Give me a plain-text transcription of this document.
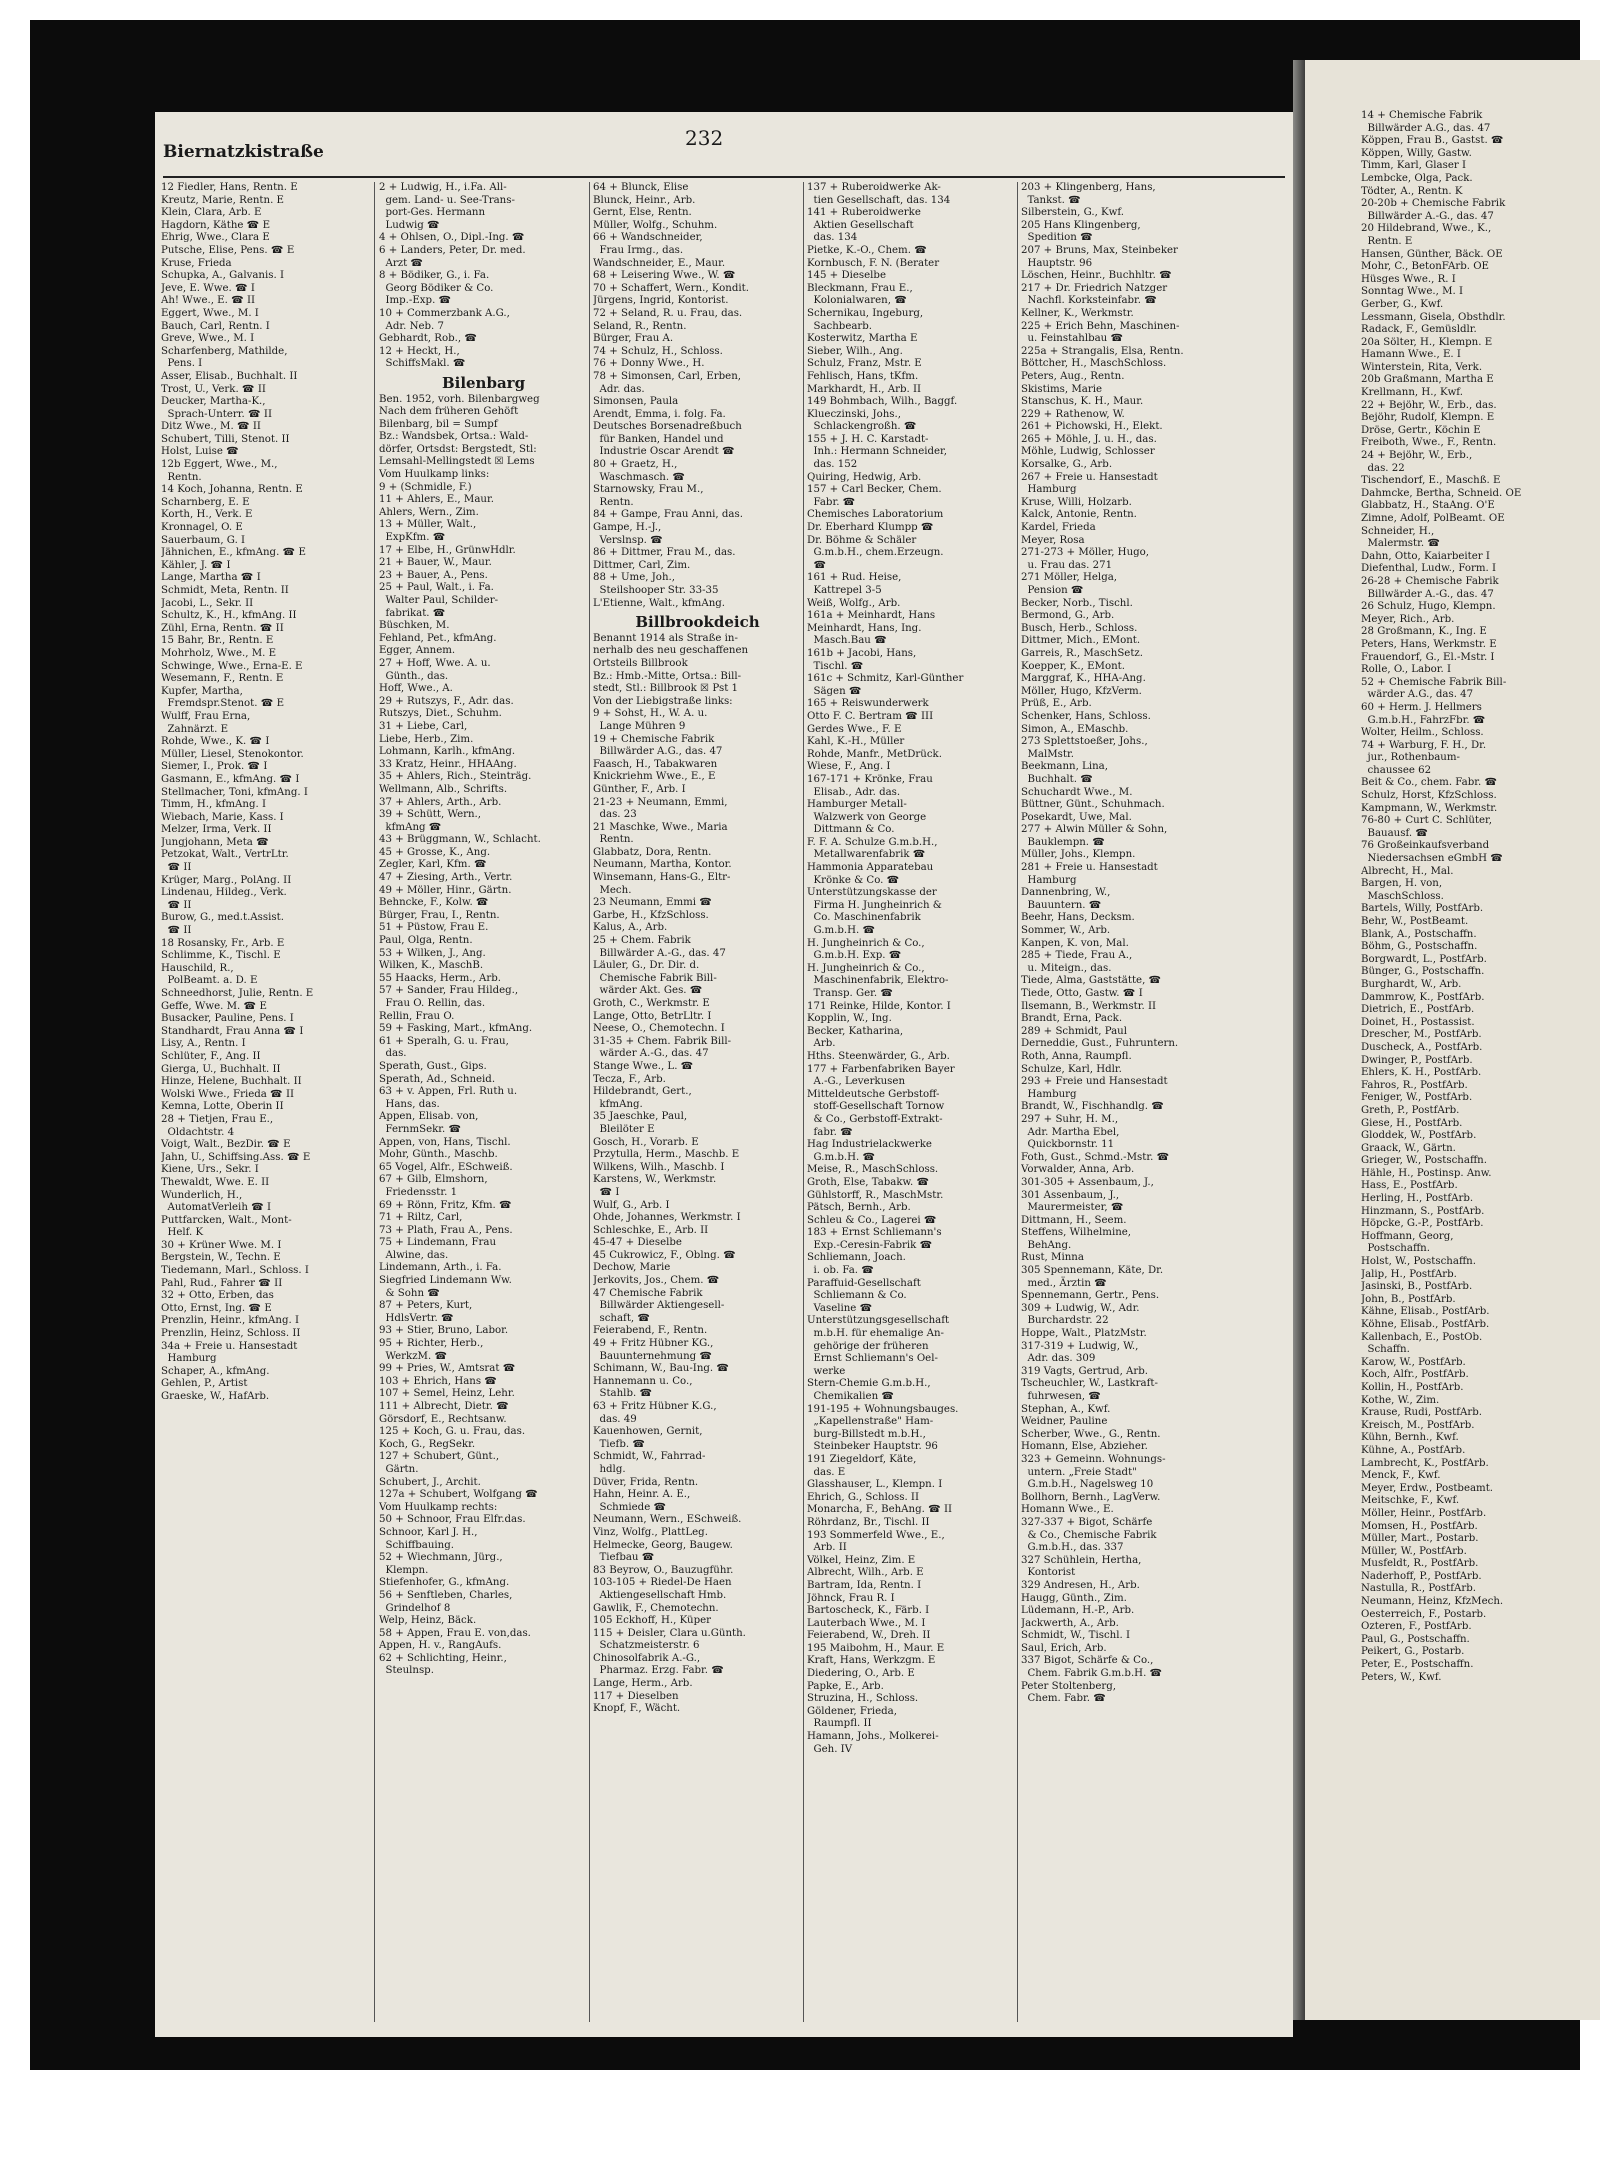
Biernatzkistraße
232
12 Fiedler, Hans, Rentn. E
Kreutz, Marie, Rentn. E
Klein, Clara, Arb. E
Hagdorn, Käthe ☎ E
Ehrig, Wwe., Clara E
Putsche, Elise, Pens. ☎ E
Kruse, Frieda
Schupka, A., Galvanis. I
Jeve, E. Wwe. ☎ I
Ah! Wwe., E. ☎ II
Eggert, Wwe., M. I
Bauch, Carl, Rentn. I
Greve, Wwe., M. I
Scharfenberg, Mathilde,
Pens. I
Asser, Elisab., Buchhalt. II
Trost, U., Verk. ☎ II
Deucker, Martha-K.,
Sprach-Unterr. ☎ II
Ditz Wwe., M. ☎ II
Schubert, Tilli, Stenot. II
Holst, Luise ☎
12b Eggert, Wwe., M.,
Rentn.
14 Koch, Johanna, Rentn. E
Scharnberg, E. E
Korth, H., Verk. E
Kronnagel, O. E
Sauerbaum, G. I
Jähnichen, E., kfmAng. ☎ E
Kähler, J. ☎ I
Lange, Martha ☎ I
Schmidt, Meta, Rentn. II
Jacobi, L., Sekr. II
Schultz, K., H., kfmAng. II
Zühl, Erna, Rentn. ☎ II
15 Bahr, Br., Rentn. E
Mohrholz, Wwe., M. E
Schwinge, Wwe., Erna-E. E
Wesemann, F., Rentn. E
Kupfer, Martha,
Fremdspr.Stenot. ☎ E
Wulff, Frau Erna,
Zahnärzt. E
Rohde, Wwe., K. ☎ I
Müller, Liesel, Stenokontor.
Siemer, I., Prok. ☎ I
Gasmann, E., kfmAng. ☎ I
Stellmacher, Toni, kfmAng. I
Timm, H., kfmAng. I
Wiebach, Marie, Kass. I
Melzer, Irma, Verk. II
Jungjohann, Meta ☎
Petzokat, Walt., VertrLtr.
☎ II
Krüger, Marg., PolAng. II
Lindenau, Hildeg., Verk.
☎ II
Burow, G., med.t.Assist.
☎ II
18 Rosansky, Fr., Arb. E
Schlimme, K., Tischl. E
Hauschild, R.,
PolBeamt. a. D. E
Schneedhorst, Julie, Rentn. E
Geffe, Wwe. M. ☎ E
Busacker, Pauline, Pens. I
Standhardt, Frau Anna ☎ I
Lisy, A., Rentn. I
Schlüter, F., Ang. II
Gierga, U., Buchhalt. II
Hinze, Helene, Buchhalt. II
Wolski Wwe., Frieda ☎ II
Kemna, Lotte, Oberin II
28 + Tietjen, Frau E.,
Oldachtstr. 4
Voigt, Walt., BezDir. ☎ E
Jahn, U., Schiffsing.Ass. ☎ E
Kiene, Urs., Sekr. I
Thewaldt, Wwe. E. II
Wunderlich, H.,
AutomatVerleih ☎ I
Puttfarcken, Walt., Mont-
Helf. K
30 + Krüner Wwe. M. I
Bergstein, W., Techn. E
Tiedemann, Marl., Schloss. I
Pahl, Rud., Fahrer ☎ II
32 + Otto, Erben, das
Otto, Ernst, Ing. ☎ E
Prenzlin, Heinr., kfmAng. I
Prenzlin, Heinz, Schloss. II
34a + Freie u. Hansestadt
Hamburg
Schaper, A., kfmAng.
Gehlen, P., Artist
Graeske, W., HafArb.
2 + Ludwig, H., i.Fa. All-
gem. Land- u. See-Trans-
port-Ges. Hermann
Ludwig ☎
4 + Ohlsen, O., Dipl.-Ing. ☎
6 + Landers, Peter, Dr. med.
Arzt ☎
8 + Bödiker, G., i. Fa.
Georg Bödiker & Co.
Imp.-Exp. ☎
10 + Commerzbank A.G.,
Adr. Neb. 7
Gebhardt, Rob., ☎
12 + Heckt, H.,
SchiffsMakl. ☎
Bilenbarg
Ben. 1952, vorh. Bilenbargweg
Nach dem früheren Gehöft
Bilenbarg, bil = Sumpf
Bz.: Wandsbek, Ortsa.: Wald-
dörfer, Ortsdst: Bergstedt, Stl:
Lemsahl-Mellingstedt ☒ Lems
Vom Huulkamp links:
9 + (Schmidle, F.)
11 + Ahlers, E., Maur.
Ahlers, Wern., Zim.
13 + Müller, Walt.,
ExpKfm. ☎
17 + Elbe, H., GrünwHdlr.
21 + Bauer, W., Maur.
23 + Bauer, A., Pens.
25 + Paul, Walt., i. Fa.
Walter Paul, Schilder-
fabrikat. ☎
Büschken, M.
Fehland, Pet., kfmAng.
Egger, Annem.
27 + Hoff, Wwe. A. u.
Günth., das.
Hoff, Wwe., A.
29 + Rutszys, F., Adr. das.
Rutszys, Diet., Schuhm.
31 + Liebe, Carl,
Liebe, Herb., Zim.
Lohmann, Karlh., kfmAng.
33 Kratz, Heinr., HHAAng.
35 + Ahlers, Rich., Steinträg.
Wellmann, Alb., Schrifts.
37 + Ahlers, Arth., Arb.
39 + Schütt, Wern.,
kfmAng ☎
43 + Brüggmann, W., Schlacht.
45 + Grosse, K., Ang.
Zegler, Karl, Kfm. ☎
47 + Ziesing, Arth., Vertr.
49 + Möller, Hinr., Gärtn.
Behncke, F., Kolw. ☎
Bürger, Frau, I., Rentn.
51 + Püstow, Frau E.
Paul, Olga, Rentn.
53 + Wilken, J., Ang.
Wilken, K., MaschB.
55 Haacks, Herm., Arb.
57 + Sander, Frau Hildeg.,
Frau O. Rellin, das.
Rellin, Frau O.
59 + Fasking, Mart., kfmAng.
61 + Speralh, G. u. Frau,
das.
Sperath, Gust., Gips.
Sperath, Ad., Schneid.
63 + v. Appen, Frl. Ruth u.
Hans, das.
Appen, Elisab. von,
FernmSekr. ☎
Appen, von, Hans, Tischl.
Mohr, Günth., Maschb.
65 Vogel, Alfr., ESchweiß.
67 + Gilb, Elmshorn,
Friedensstr. 1
69 + Rönn, Fritz, Kfm. ☎
71 + Riltz, Carl,
73 + Plath, Frau A., Pens.
75 + Lindemann, Frau
Alwine, das.
Lindemann, Arth., i. Fa.
Siegfried Lindemann Ww.
& Sohn ☎
87 + Peters, Kurt,
HdlsVertr. ☎
93 + Stier, Bruno, Labor.
95 + Richter, Herb.,
WerkzM. ☎
99 + Pries, W., Amtsrat ☎
103 + Ehrich, Hans ☎
107 + Semel, Heinz, Lehr.
111 + Albrecht, Dietr. ☎
Görsdorf, E., Rechtsanw.
125 + Koch, G. u. Frau, das.
Koch, G., RegSekr.
127 + Schubert, Günt.,
Gärtn.
Schubert, J., Archit.
127a + Schubert, Wolfgang ☎
Vom Huulkamp rechts:
50 + Schnoor, Frau Elfr.das.
Schnoor, Karl J. H.,
Schiffbauing.
52 + Wiechmann, Jürg.,
Klempn.
Stiefenhofer, G., kfmAng.
56 + Senftleben, Charles,
Grindelhof 8
Welp, Heinz, Bäck.
58 + Appen, Frau E. von,das.
Appen, H. v., RangAufs.
62 + Schlichting, Heinr.,
Steulnsp.
64 + Blunck, Elise
Blunck, Heinr., Arb.
Gernt, Else, Rentn.
Müller, Wolfg., Schuhm.
66 + Wandschneider,
Frau Irmg., das.
Wandschneider, E., Maur.
68 + Leisering Wwe., W. ☎
70 + Schaffert, Wern., Kondit.
Jürgens, Ingrid, Kontorist.
72 + Seland, R. u. Frau, das.
Seland, R., Rentn.
Bürger, Frau A.
74 + Schulz, H., Schloss.
76 + Donny Wwe., H.
78 + Simonsen, Carl, Erben,
Adr. das.
Simonsen, Paula
Arendt, Emma, i. folg. Fa.
Deutsches Borsenadreßbuch
für Banken, Handel und
Industrie Oscar Arendt ☎
80 + Graetz, H.,
Waschmasch. ☎
Starnowsky, Frau M.,
Rentn.
84 + Gampe, Frau Anni, das.
Gampe, H.-J.,
Verslnsp. ☎
86 + Dittmer, Frau M., das.
Dittmer, Carl, Zim.
88 + Ume, Joh.,
Steilshooper Str. 33-35
L'Etienne, Walt., kfmAng.
Billbrookdeich
Benannt 1914 als Straße in-
nerhalb des neu geschaffenen
Ortsteils Billbrook
Bz.: Hmb.-Mitte, Ortsa.: Bill-
stedt, Stl.: Billbrook ☒ Pst 1
Von der Liebigstraße links:
9 + Sohst, H., W. A. u.
Lange Mühren 9
19 + Chemische Fabrik
Billwärder A.G., das. 47
Faasch, H., Tabakwaren
Knickriehm Wwe., E., E
Günther, F., Arb. I
21-23 + Neumann, Emmi,
das. 23
21 Maschke, Wwe., Maria
Rentn.
Glabbatz, Dora, Rentn.
Neumann, Martha, Kontor.
Winsemann, Hans-G., Eltr-
Mech.
23 Neumann, Emmi ☎
Garbe, H., KfzSchloss.
Kalus, A., Arb.
25 + Chem. Fabrik
Billwärder A.-G., das. 47
Läuler, G., Dr. Dir. d.
Chemische Fabrik Bill-
wärder Akt. Ges. ☎
Groth, C., Werkmstr. E
Lange, Otto, BetrLltr. I
Neese, O., Chemotechn. I
31-35 + Chem. Fabrik Bill-
wärder A.-G., das. 47
Stange Wwe., L. ☎
Tecza, F., Arb.
Hildebrandt, Gert.,
kfmAng.
35 Jaeschke, Paul,
Bleilöter E
Gosch, H., Vorarb. E
Przytulla, Herm., Maschb. E
Wilkens, Wilh., Maschb. I
Karstens, W., Werkmstr.
☎ I
Wulf, G., Arb. I
Ohde, Johannes, Werkmstr. I
Schleschke, E., Arb. II
45-47 + Dieselbe
45 Cukrowicz, F., Oblng. ☎
Dechow, Marie
Jerkovits, Jos., Chem. ☎
47 Chemische Fabrik
Billwärder Aktiengesell-
schaft, ☎
Feierabend, F., Rentn.
49 + Fritz Hübner KG.,
Bauunternehmung ☎
Schimann, W., Bau-Ing. ☎
Hannemann u. Co.,
Stahlb. ☎
63 + Fritz Hübner K.G.,
das. 49
Kauenhowen, Gernit,
Tiefb. ☎
Schmidt, W., Fahrrad-
hdlg.
Düver, Frida, Rentn.
Hahn, Heinr. A. E.,
Schmiede ☎
Neumann, Wern., ESchweiß.
Vinz, Wolfg., PlattLeg.
Helmecke, Georg, Baugew.
Tiefbau ☎
83 Beyrow, O., Bauzugführ.
103-105 + Riedel-De Haen
Aktiengesellschaft Hmb.
Gawlik, F., Chemotechn.
105 Eckhoff, H., Küper
115 + Deisler, Clara u.Günth.
Schatzmeisterstr. 6
Chinosolfabrik A.-G.,
Pharmaz. Erzg. Fabr. ☎
Lange, Herm., Arb.
117 + Dieselben
Knopf, F., Wächt.
137 + Ruberoidwerke Ak-
tien Gesellschaft, das. 134
141 + Ruberoidwerke
Aktien Gesellschaft
das. 134
Pietke, K.-O., Chem. ☎
Kornbusch, F. N. (Berater
145 + Dieselbe
Bleckmann, Frau E.,
Kolonialwaren, ☎
Schernikau, Ingeburg,
Sachbearb.
Kosterwitz, Martha E
Sieber, Wilh., Ang.
Schulz, Franz, Mstr. E
Fehlisch, Hans, tKfm.
Markhardt, H., Arb. II
149 Bohmbach, Wilh., Baggf.
Klueczinski, Johs.,
Schlackengroßh. ☎
155 + J. H. C. Karstadt-
Inh.: Hermann Schneider,
das. 152
Quiring, Hedwig, Arb.
157 + Carl Becker, Chem.
Fabr. ☎
Chemisches Laboratorium
Dr. Eberhard Klumpp ☎
Dr. Böhme & Schäler
G.m.b.H., chem.Erzeugn.
☎
161 + Rud. Heise,
Kattrepel 3-5
Weiß, Wolfg., Arb.
161a + Meinhardt, Hans
Meinhardt, Hans, Ing.
Masch.Bau ☎
161b + Jacobi, Hans,
Tischl. ☎
161c + Schmitz, Karl-Günther
Sägen ☎
165 + Reiswunderwerk
Otto F. C. Bertram ☎ III
Gerdes Wwe., F. E
Kahl, K.-H., Müller
Rohde, Manfr., MetDrück.
Wiese, F., Ang. I
167-171 + Krönke, Frau
Elisab., Adr. das.
Hamburger Metall-
Walzwerk von George
Dittmann & Co.
F. F. A. Schulze G.m.b.H.,
Metallwarenfabrik ☎
Hammonia Apparatebau
Krönke & Co. ☎
Unterstützungskasse der
Firma H. Jungheinrich &
Co. Maschinenfabrik
G.m.b.H. ☎
H. Jungheinrich & Co.,
G.m.b.H. Exp. ☎
H. Jungheinrich & Co.,
Maschinenfabrik, Elektro-
Transp. Ger. ☎
171 Reinke, Hilde, Kontor. I
Kopplin, W., Ing.
Becker, Katharina,
Arb.
Hths. Steenwärder, G., Arb.
177 + Farbenfabriken Bayer
A.-G., Leverkusen
Mitteldeutsche Gerbstoff-
stoff-Gesellschaft Tornow
& Co., Gerbstoff-Extrakt-
fabr. ☎
Hag Industrielackwerke
G.m.b.H. ☎
Meise, R., MaschSchloss.
Groth, Else, Tabakw. ☎
Gühlstorff, R., MaschMstr.
Pätsch, Bernh., Arb.
Schleu & Co., Lagerei ☎
183 + Ernst Schliemann's
Exp.-Ceresin-Fabrik ☎
Schliemann, Joach.
i. ob. Fa. ☎
Paraffuid-Gesellschaft
Schliemann & Co.
Vaseline ☎
Unterstützungsgesellschaft
m.b.H. für ehemalige An-
gehörige der früheren
Ernst Schliemann's Oel-
werke
Stern-Chemie G.m.b.H.,
Chemikalien ☎
191-195 + Wohnungsbauges.
„Kapellenstraße" Ham-
burg-Billstedt m.b.H.,
Steinbeker Hauptstr. 96
191 Ziegeldorf, Käte,
das. E
Glasshauser, L., Klempn. I
Ehrich, G., Schloss. II
Monarcha, F., BehAng. ☎ II
Röhrdanz, Br., Tischl. II
193 Sommerfeld Wwe., E.,
Arb. II
Völkel, Heinz, Zim. E
Albrecht, Wilh., Arb. E
Bartram, Ida, Rentn. I
Jöhnck, Frau R. I
Bartoscheck, K., Färb. I
Lauterbach Wwe., M. I
Feierabend, W., Dreh. II
195 Maibohm, H., Maur. E
Kraft, Hans, Werkzgm. E
Diedering, O., Arb. E
Papke, E., Arb.
Struzina, H., Schloss.
Göldener, Frieda,
Raumpfl. II
Hamann, Johs., Molkerei-
Geh. IV
203 + Klingenberg, Hans,
Tankst. ☎
Silberstein, G., Kwf.
205 Hans Klingenberg,
Spedition ☎
207 + Bruns, Max, Steinbeker
Hauptstr. 96
Löschen, Heinr., Buchhltr. ☎
217 + Dr. Friedrich Natzger
Nachfl. Korksteinfabr. ☎
Kellner, K., Werkmstr.
225 + Erich Behn, Maschinen-
u. Feinstahlbau ☎
225a + Strangalis, Elsa, Rentn.
Böttcher, H., MaschSchloss.
Peters, Aug., Rentn.
Skistims, Marie
Stanschus, K. H., Maur.
229 + Rathenow, W.
261 + Pichowski, H., Elekt.
265 + Möhle, J. u. H., das.
Möhle, Ludwig, Schlosser
Korsalke, G., Arb.
267 + Freie u. Hansestadt
Hamburg
Kruse, Willi, Holzarb.
Kalck, Antonie, Rentn.
Kardel, Frieda
Meyer, Rosa
271-273 + Möller, Hugo,
u. Frau das. 271
271 Möller, Helga,
Pension ☎
Becker, Norb., Tischl.
Bermond, G., Arb.
Busch, Herb., Schloss.
Dittmer, Mich., EMont.
Garreis, R., MaschSetz.
Koepper, K., EMont.
Marggraf, K., HHA-Ang.
Möller, Hugo, KfzVerm.
Prüß, E., Arb.
Schenker, Hans, Schloss.
Simon, A., EMaschb.
273 Splettstoeßer, Johs.,
MalMstr.
Beekmann, Lina,
Buchhalt. ☎
Schuchardt Wwe., M.
Büttner, Günt., Schuhmach.
Posekardt, Uwe, Mal.
277 + Alwin Müller & Sohn,
Bauklempn. ☎
Müller, Johs., Klempn.
281 + Freie u. Hansestadt
Hamburg
Dannenbring, W.,
Bauuntern. ☎
Beehr, Hans, Decksm.
Sommer, W., Arb.
Kanpen, K. von, Mal.
285 + Tiede, Frau A.,
u. Miteign., das.
Tiede, Alma, Gaststätte, ☎
Tiede, Otto, Gastw. ☎ I
Ilsemann, B., Werkmstr. II
Brandt, Erna, Pack.
289 + Schmidt, Paul
Derneddie, Gust., Fuhruntern.
Roth, Anna, Raumpfl.
Schulze, Karl, Hdlr.
293 + Freie und Hansestadt
Hamburg
Brandt, W., Fischhandlg. ☎
297 + Suhr, H. M.,
Adr. Martha Ebel,
Quickbornstr. 11
Foth, Gust., Schmd.-Mstr. ☎
Vorwalder, Anna, Arb.
301-305 + Assenbaum, J.,
301 Assenbaum, J.,
Maurermeister, ☎
Dittmann, H., Seem.
Steffens, Wilhelmine,
BehAng.
Rust, Minna
305 Spennemann, Käte, Dr.
med., Ärztin ☎
Spennemann, Gertr., Pens.
309 + Ludwig, W., Adr.
Burchardstr. 22
Hoppe, Walt., PlatzMstr.
317-319 + Ludwig, W.,
Adr. das. 309
319 Vagts, Gertrud, Arb.
Tscheuchler, W., Lastkraft-
fuhrwesen, ☎
Stephan, A., Kwf.
Weidner, Pauline
Scherber, Wwe., G., Rentn.
Homann, Else, Abzieher.
323 + Gemeinn. Wohnungs-
untern. „Freie Stadt"
G.m.b.H., Nagelsweg 10
Bollhorn, Bernh., LagVerw.
Homann Wwe., E.
327-337 + Bigot, Schärfe
& Co., Chemische Fabrik
G.m.b.H., das. 337
327 Schühlein, Hertha,
Kontorist
329 Andresen, H., Arb.
Haugg, Günth., Zim.
Lüdemann, H.-P., Arb.
Jackwerth, A., Arb.
Schmidt, W., Tischl. I
Saul, Erich, Arb.
337 Bigot, Schärfe & Co.,
Chem. Fabrik G.m.b.H. ☎
Peter Stoltenberg,
Chem. Fabr. ☎
14 + Chemische Fabrik
Billwärder A.G., das. 47
Köppen, Frau B., Gastst. ☎
Köppen, Willy, Gastw.
Timm, Karl, Glaser I
Lembcke, Olga, Pack.
Tödter, A., Rentn. K
20-20b + Chemische Fabrik
Billwärder A.-G., das. 47
20 Hildebrand, Wwe., K.,
Rentn. E
Hansen, Günther, Bäck. OE
Mohr, C., BetonFArb. OE
Hüsges Wwe., R. I
Sonntag Wwe., M. I
Gerber, G., Kwf.
Lessmann, Gisela, Obsthdlr.
Radack, F., Gemüsldlr.
20a Sölter, H., Klempn. E
Hamann Wwe., E. I
Winterstein, Rita, Verk.
20b Graßmann, Martha E
Krellmann, H., Kwf.
22 + Bejöhr, W., Erb., das.
Bejöhr, Rudolf, Klempn. E
Dröse, Gertr., Köchin E
Freiboth, Wwe., F., Rentn.
24 + Bejöhr, W., Erb.,
das. 22
Tischendorf, E., Maschß. E
Dahmcke, Bertha, Schneid. OE
Glabbatz, H., StaAng. O'E
Zimne, Adolf, PolBeamt. OE
Schneider, H.,
Malermstr. ☎
Dahn, Otto, Kaiarbeiter I
Diefenthal, Ludw., Form. I
26-28 + Chemische Fabrik
Billwärder A.-G., das. 47
26 Schulz, Hugo, Klempn.
Meyer, Rich., Arb.
28 Großmann, K., Ing. E
Peters, Hans, Werkmstr. E
Frauendorf, G., El.-Mstr. I
Rolle, O., Labor. I
52 + Chemische Fabrik Bill-
wärder A.G., das. 47
60 + Herm. J. Hellmers
G.m.b.H., FahrzFbr. ☎
Wolter, Heilm., Schloss.
74 + Warburg, F. H., Dr.
jur., Rothenbaum-
chaussee 62
Beit & Co., chem. Fabr. ☎
Schulz, Horst, KfzSchloss.
Kampmann, W., Werkmstr.
76-80 + Curt C. Schlüter,
Bauausf. ☎
76 Großeinkaufsverband
Niedersachsen eGmbH ☎
Albrecht, H., Mal.
Bargen, H. von,
MaschSchloss.
Bartels, Willy, PostfArb.
Behr, W., PostBeamt.
Blank, A., Postschaffn.
Böhm, G., Postschaffn.
Borgwardt, L., PostfArb.
Bünger, G., Postschaffn.
Burghardt, W., Arb.
Dammrow, K., PostfArb.
Dietrich, E., PostfArb.
Doinet, H., Postassist.
Drescher, M., PostfArb.
Duscheck, A., PostfArb.
Dwinger, P., PostfArb.
Ehlers, K. H., PostfArb.
Fahros, R., PostfArb.
Feniger, W., PostfArb.
Greth, P., PostfArb.
Giese, H., PostfArb.
Gloddek, W., PostfArb.
Graack, W., Gärtn.
Grieger, W., Postschaffn.
Hähle, H., Postinsp. Anw.
Hass, E., PostfArb.
Herling, H., PostfArb.
Hinzmann, S., PostfArb.
Höpcke, G.-P., PostfArb.
Hoffmann, Georg,
Postschaffn.
Holst, W., Postschaffn.
Jalip, H., PostfArb.
Jasinski, B., PostfArb.
John, B., PostfArb.
Kähne, Elisab., PostfArb.
Köhne, Elisab., PostfArb.
Kallenbach, E., PostOb.
Schaffn.
Karow, W., PostfArb.
Koch, Alfr., PostfArb.
Kollin, H., PostfArb.
Kothe, W., Zim.
Krause, Rudi, PostfArb.
Kreisch, M., PostfArb.
Kühn, Bernh., Kwf.
Kühne, A., PostfArb.
Lambrecht, K., PostfArb.
Menck, F., Kwf.
Meyer, Erdw., Postbeamt.
Meitschke, F., Kwf.
Möller, Heinr., PostfArb.
Momsen, H., PostfArb.
Müller, Mart., Postarb.
Müller, W., PostfArb.
Musfeldt, R., PostfArb.
Naderhoff, P., PostfArb.
Nastulla, R., PostfArb.
Neumann, Heinz, KfzMech.
Oesterreich, F., Postarb.
Ozteren, F., PostfArb.
Paul, G., Postschaffn.
Peikert, G., Postarb.
Peter, E., Postschaffn.
Peters, W., Kwf.
